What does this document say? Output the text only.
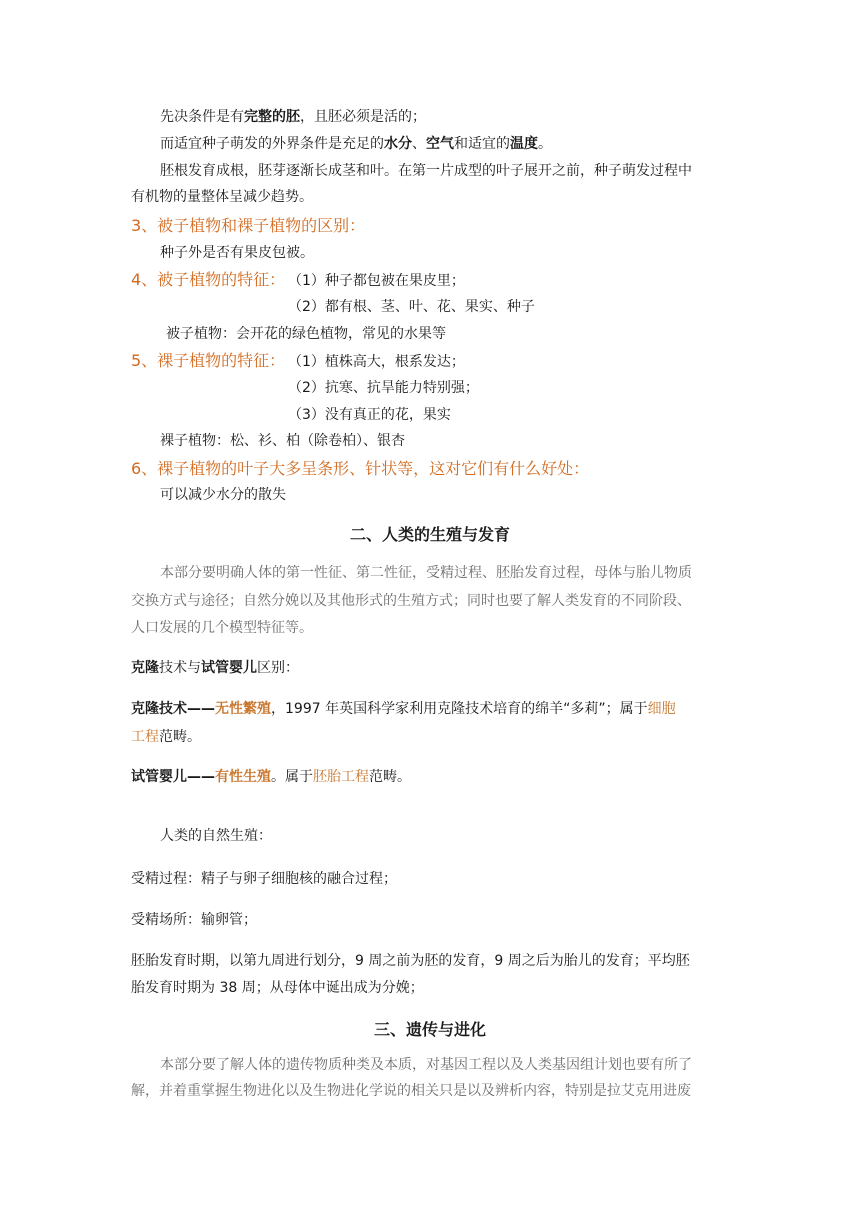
先决条件是有完整的胚，且胚必须是活的；
而适宜种子萌发的外界条件是充足的水分、空气和适宜的温度。
胚根发育成根，胚芽逐渐长成茎和叶。在第一片成型的叶子展开之前，种子萌发过程中
有机物的量整体呈减少趋势。
3、被子植物和裸子植物的区别：
种子外是否有果皮包被。
4、被子植物的特征： （1）种子都包被在果皮里；
（2）都有根、茎、叶、花、果实、种子
被子植物：会开花的绿色植物，常见的水果等
5、裸子植物的特征： （1）植株高大，根系发达；
（2）抗寒、抗旱能力特别强；
（3）没有真正的花，果实
裸子植物：松、衫、柏（除卷柏）、银杏
6、裸子植物的叶子大多呈条形、针状等，这对它们有什么好处：
可以减少水分的散失
二、人类的生殖与发育
本部分要明确人体的第一性征、第二性征，受精过程、胚胎发育过程，母体与胎儿物质
交换方式与途径；自然分娩以及其他形式的生殖方式；同时也要了解人类发育的不同阶段、
人口发展的几个模型特征等。
克隆技术与试管婴儿区别：
克隆技术——无性繁殖，1997 年英国科学家利用克隆技术培育的绵羊“多莉”；属于细胞
工程范畴。
试管婴儿——有性生殖。属于胚胎工程范畴。
人类的自然生殖：
受精过程：精子与卵子细胞核的融合过程；
受精场所：输卵管；
胚胎发育时期，以第九周进行划分，9 周之前为胚的发育，9 周之后为胎儿的发育；平均胚
胎发育时期为 38 周；从母体中诞出成为分娩；
三、遗传与进化
本部分要了解人体的遗传物质种类及本质，对基因工程以及人类基因组计划也要有所了
解，并着重掌握生物进化以及生物进化学说的相关只是以及辨析内容，特别是拉艾克用进废
